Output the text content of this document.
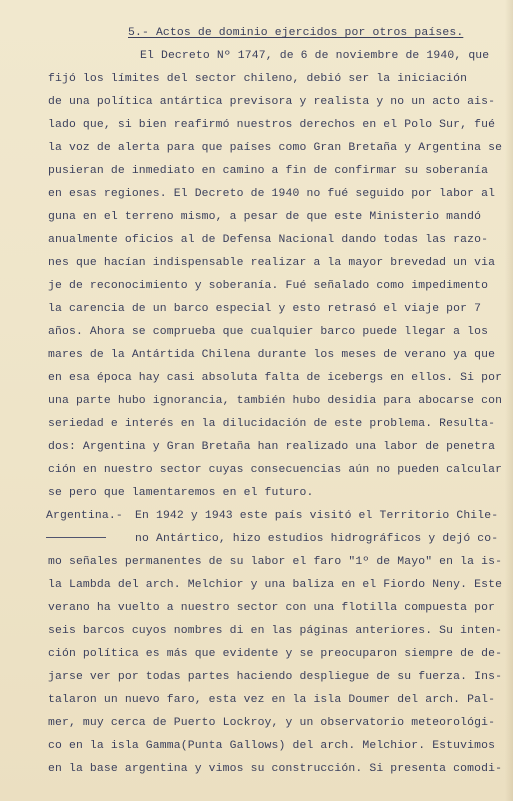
5.- Actos de dominio ejercidos por otros países.
El Decreto Nº 1747, de 6 de noviembre de 1940, que
fijó los límites del sector chileno, debió ser la iniciación
de una política antártica previsora y realista y no un acto ais-
lado que, si bien reafirmó nuestros derechos en el Polo Sur, fué
la voz de alerta para que países como Gran Bretaña y Argentina se
pusieran de inmediato en camino a fin de confirmar su soberanía
en esas regiones. El Decreto de 1940 no fué seguido por labor al
guna en el terreno mismo, a pesar de que este Ministerio mandó
anualmente oficios al de Defensa Nacional dando todas las razo-
nes que hacían indispensable realizar a la mayor brevedad un via
je de reconocimiento y soberanía. Fué señalado como impedimento
la carencia de un barco especial y esto retrasó el viaje por 7
años. Ahora se comprueba que cualquier barco puede llegar a los
mares de la Antártida Chilena durante los meses de verano ya que
en esa época hay casi absoluta falta de icebergs en ellos. Si por
una parte hubo ignorancia, también hubo desidia para abocarse con
seriedad e interés en la dilucidación de este problema. Resulta-
dos: Argentina y Gran Bretaña han realizado una labor de penetra
ción en nuestro sector cuyas consecuencias aún no pueden calcular
se pero que lamentaremos en el futuro.
Argentina.- En 1942 y 1943 este país visitó el Territorio Chile-
no Antártico, hizo estudios hidrográficos y dejó co-
mo señales permanentes de su labor el faro "1º de Mayo" en la is-
la Lambda del arch. Melchior y una baliza en el Fiordo Neny. Este
verano ha vuelto a nuestro sector con una flotilla compuesta por
seis barcos cuyos nombres di en las páginas anteriores. Su inten-
ción política es más que evidente y se preocuparon siempre de de-
jarse ver por todas partes haciendo despliegue de su fuerza. Ins-
talaron un nuevo faro, esta vez en la isla Doumer del arch. Pal-
mer, muy cerca de Puerto Lockroy, y un observatorio meteorológi-
co en la isla Gamma(Punta Gallows) del arch. Melchior. Estuvimos
en la base argentina y vimos su construcción. Si presenta comodi-
